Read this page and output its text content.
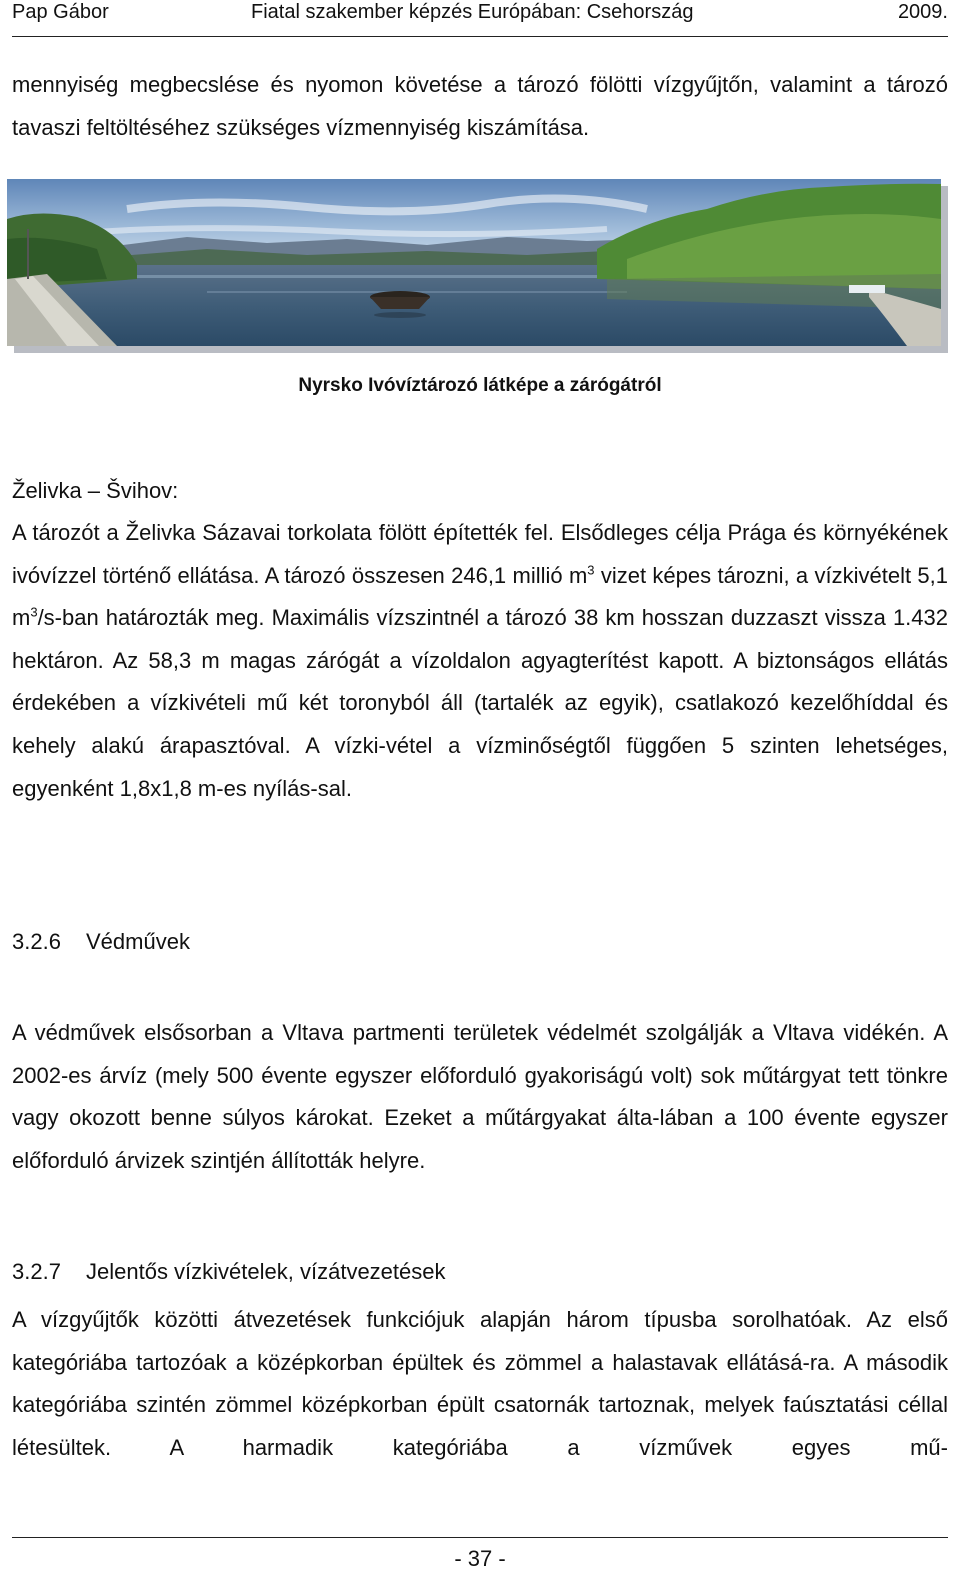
Pap Gábor	Fiatal szakember képzés Európában: Csehország	2009.

mennyiség megbecslése és nyomon követése a tározó fölötti vízgyűjtőn, valamint a tározó tavaszi feltöltéséhez szükséges vízmennyiség kiszámítása.

Nyrsko Ivóvíztározó látképe a zárógátról
Želivka – Švihov:

A tározót a Želivka Sázavai torkolata fölött építették fel. Elsődleges célja Prága és környékének ivóvízzel történő ellátása. A tározó összesen 246,1 millió $m^3$ vizet képes tározni, a vízkivételt 5,1 $m^3/s$-ban határozták meg. Maximális vízszintnél a tározó 38 km hosszan duzzaszt vissza 1.432 hektáron. Az 58,3 m magas zárógát a vízoldalon agyagterítést kapott. A biztonságos ellátás érdekében a vízkivételi mű két toronyból áll (tartalék az egyik), csatlakozó kezelőhíddal és kehely alakú árapasztóval. A vízki-vétel a vízminőségtől függően 5 szinten lehetséges, egyenként 1,8x1,8 m-es nyílás-sal.

3.2.6 Védművek

A védművek elsősorban a Vltava partmenti területek védelmét szolgálják a Vltava vidékén. A 2002-es árvíz (mely 500 évente egyszer előforduló gyakoriságú volt) sok műtárgyat tett tönkre vagy okozott benne súlyos károkat. Ezeket a műtárgyakat álta-lában a 100 évente egyszer előforduló árvizek szintjén állították helyre.

3.2.7 Jelentős vízkivételek, vízátvezetések

A vízgyűjtők közötti átvezetések funkciójuk alapján három típusba sorolhatóak. Az első kategóriába tartozóak a középkorban épültek és zömmel a halastavak ellátásá-ra. A második kategóriába szintén zömmel középkorban épült csatornák tartoznak, melyek faúsztatási céllal létesültek. A harmadik kategóriába a vízművek egyes mű-

- 37 -
